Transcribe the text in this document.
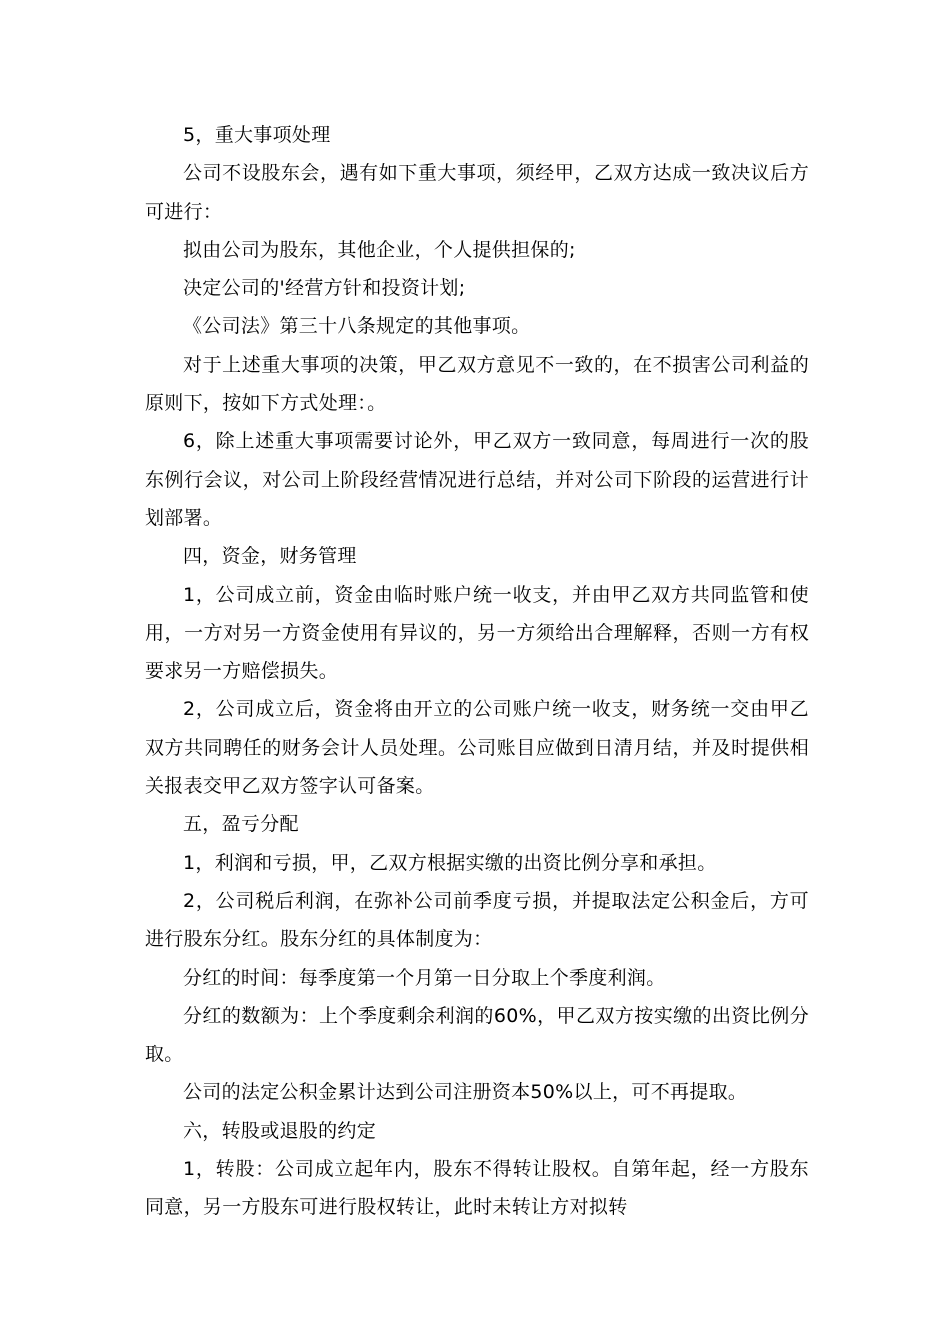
5，重大事项处理

公司不设股东会，遇有如下重大事项，须经甲，乙双方达成一致决议后方可进行：

拟由公司为股东，其他企业，个人提供担保的;

决定公司的'经营方针和投资计划;

《公司法》第三十八条规定的其他事项。

对于上述重大事项的决策，甲乙双方意见不一致的，在不损害公司利益的原则下，按如下方式处理：。

6，除上述重大事项需要讨论外，甲乙双方一致同意，每周进行一次的股东例行会议，对公司上阶段经营情况进行总结，并对公司下阶段的运营进行计划部署。

四，资金，财务管理

1，公司成立前，资金由临时账户统一收支，并由甲乙双方共同监管和使用，一方对另一方资金使用有异议的，另一方须给出合理解释，否则一方有权要求另一方赔偿损失。

2，公司成立后，资金将由开立的公司账户统一收支，财务统一交由甲乙双方共同聘任的财务会计人员处理。公司账目应做到日清月结，并及时提供相关报表交甲乙双方签字认可备案。

五，盈亏分配

1，利润和亏损，甲，乙双方根据实缴的出资比例分享和承担。

2，公司税后利润，在弥补公司前季度亏损，并提取法定公积金后，方可进行股东分红。股东分红的具体制度为：

分红的时间：每季度第一个月第一日分取上个季度利润。

分红的数额为：上个季度剩余利润的60%，甲乙双方按实缴的出资比例分取。

公司的法定公积金累计达到公司注册资本50%以上，可不再提取。

六，转股或退股的约定

1，转股：公司成立起年内，股东不得转让股权。自第年起，经一方股东同意，另一方股东可进行股权转让，此时未转让方对拟转
